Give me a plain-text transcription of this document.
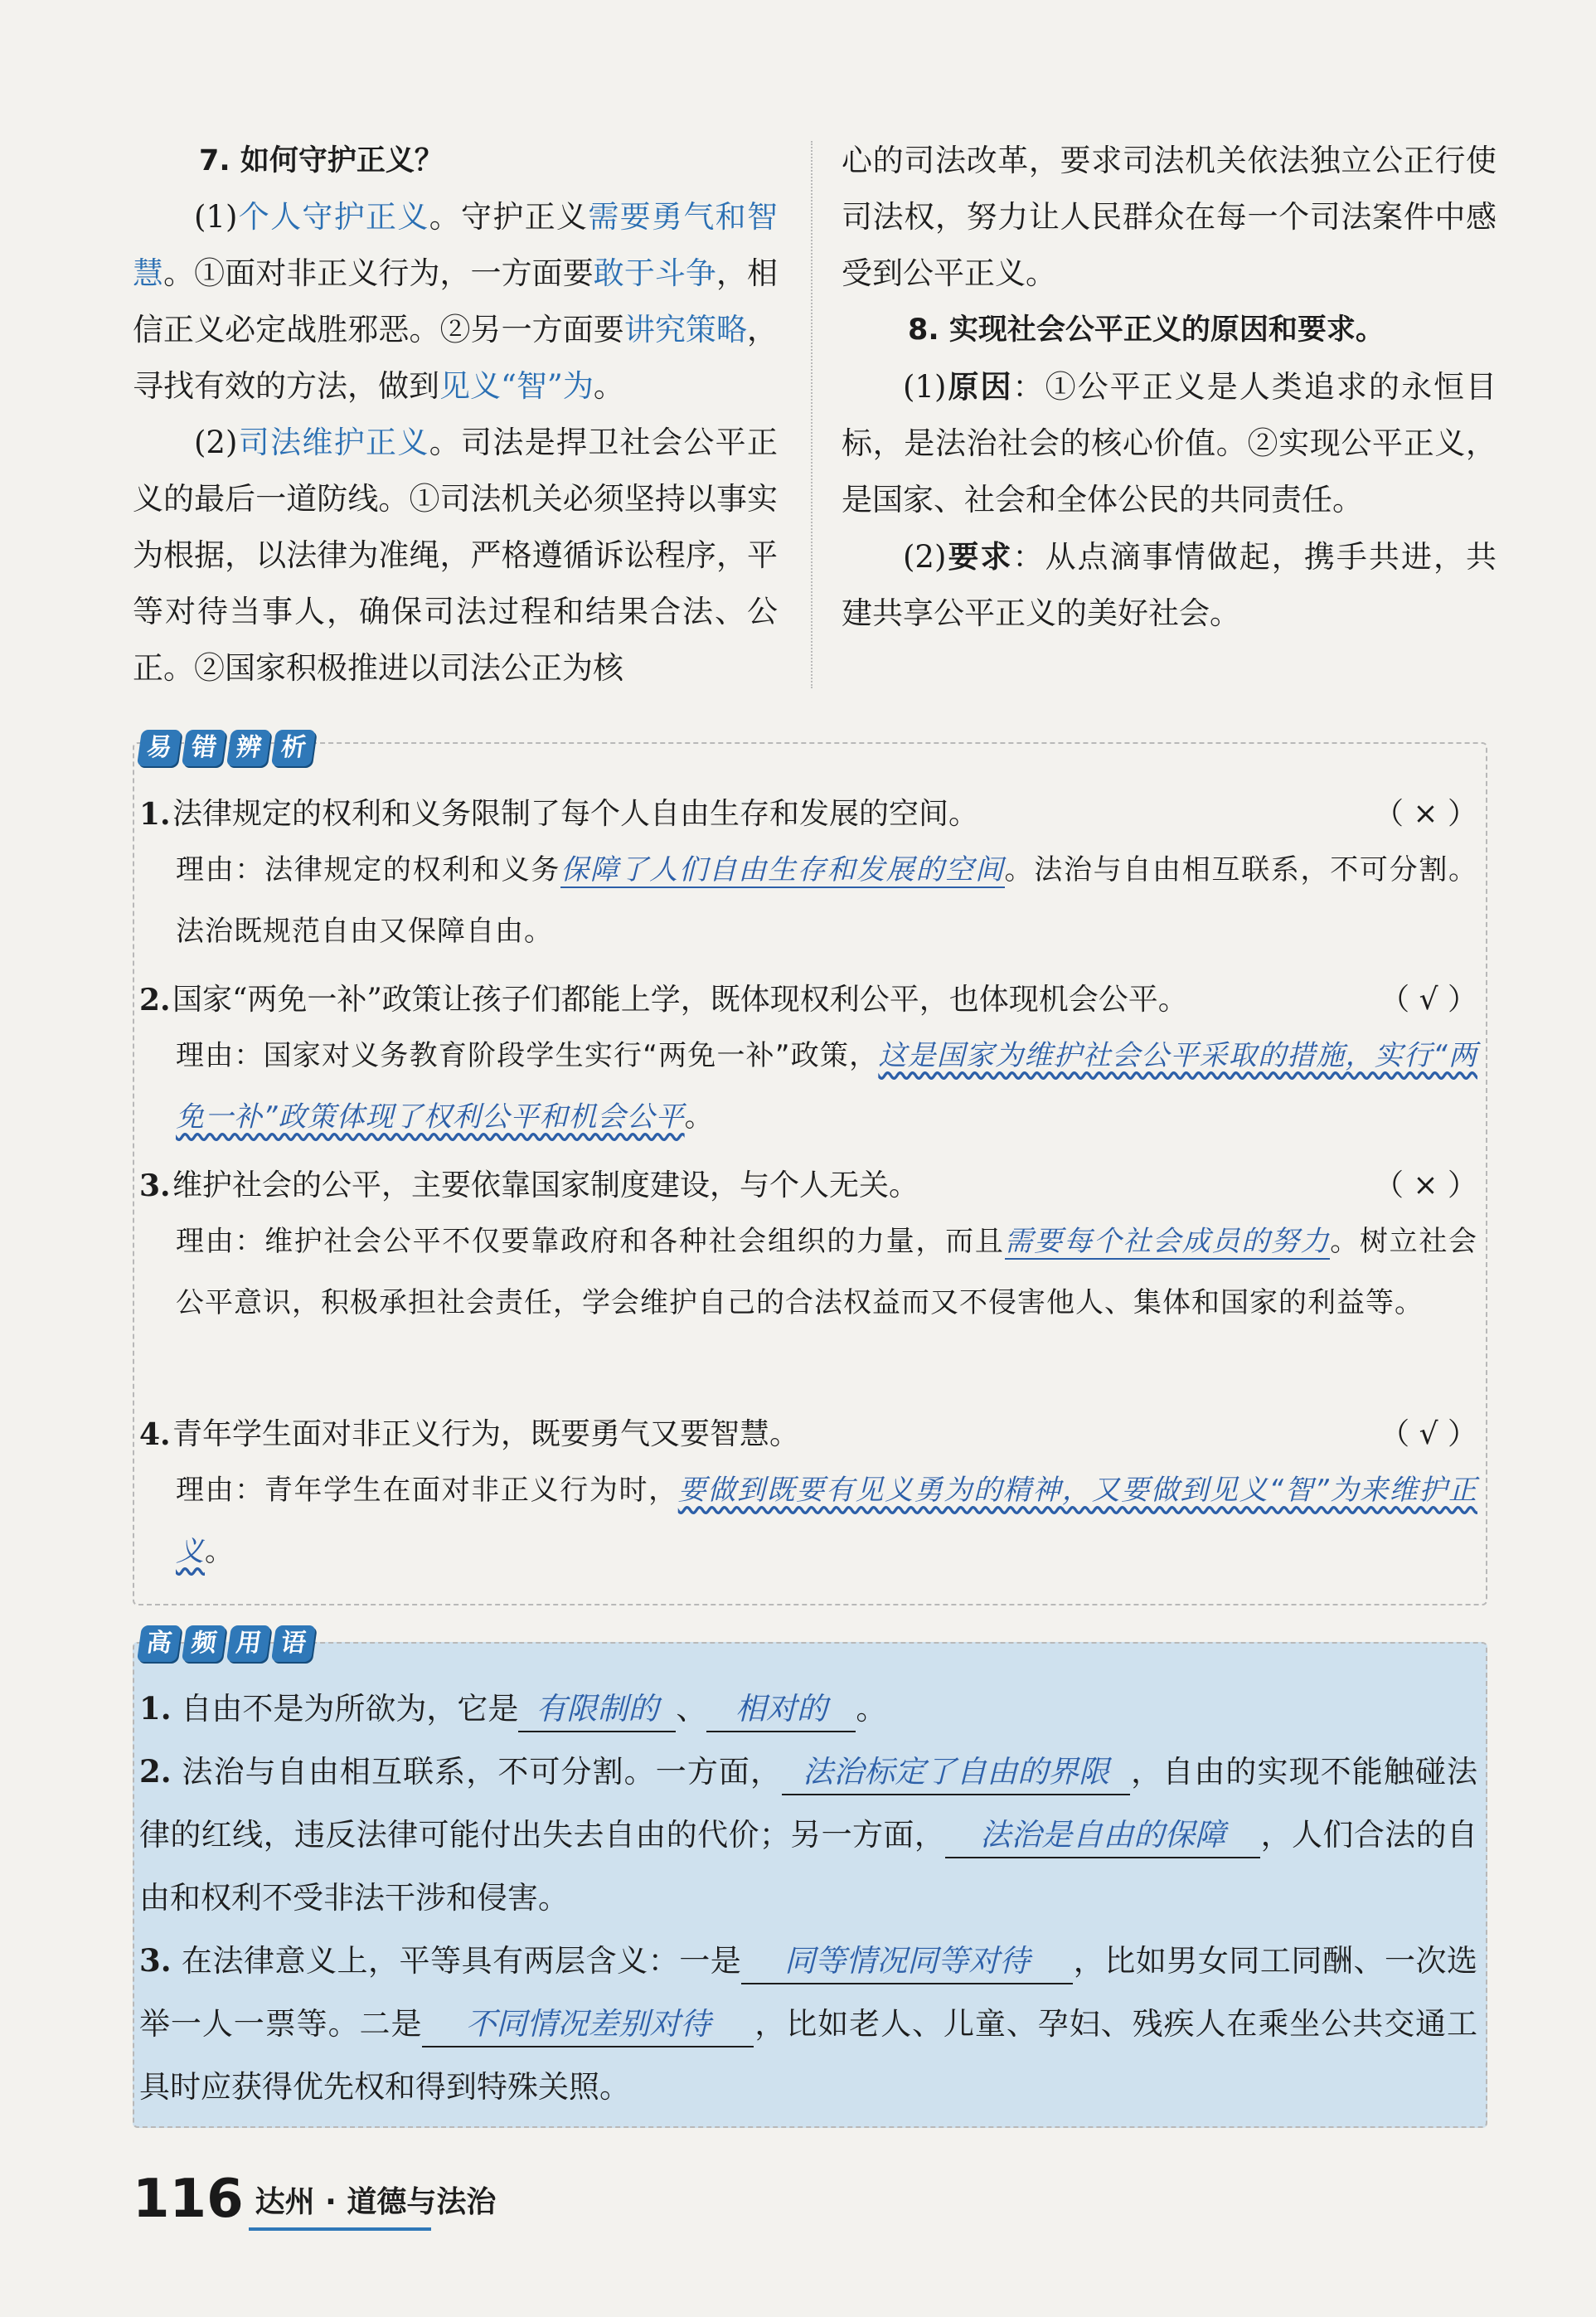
7. 如何守护正义？

(1)个人守护正义。守护正义需要勇气和智慧。①面对非正义行为，一方面要敢于斗争，相信正义必定战胜邪恶。②另一方面要讲究策略，寻找有效的方法，做到见义“智”为。

(2)司法维护正义。司法是捍卫社会公平正义的最后一道防线。①司法机关必须坚持以事实为根据，以法律为准绳，严格遵循诉讼程序，平等对待当事人，确保司法过程和结果合法、公正。②国家积极推进以司法公正为核

心的司法改革，要求司法机关依法独立公正行使司法权，努力让人民群众在每一个司法案件中感受到公平正义。

8. 实现社会公平正义的原因和要求。

(1)原因：①公平正义是人类追求的永恒目标，是法治社会的核心价值。②实现公平正义，是国家、社会和全体公民的共同责任。

(2)要求：从点滴事情做起，携手共进，共建共享公平正义的美好社会。

易 错 辨 析
1. 法律规定的权利和义务限制了每个人自由生存和发展的空间。	（ × ）
理由：法律规定的权利和义务保障了人们自由生存和发展的空间。法治与自由相互联系，不可分割。法治既规范自由又保障自由。
2. 国家“两免一补”政策让孩子们都能上学，既体现权利公平，也体现机会公平。	（ √ ）
理由：国家对义务教育阶段学生实行“两免一补”政策，这是国家为维护社会公平采取的措施，实行“两免一补”政策体现了权利公平和机会公平。
3. 维护社会的公平，主要依靠国家制度建设，与个人无关。	（ × ）
理由：维护社会公平不仅要靠政府和各种社会组织的力量，而且需要每个社会成员的努力。树立社会公平意识，积极承担社会责任，学会维护自己的合法权益而又不侵害他人、集体和国家的利益等。
4. 青年学生面对非正义行为，既要勇气又要智慧。	（ √ ）
理由：青年学生在面对非正义行为时，要做到既要有见义勇为的精神，又要做到见义“智”为来维护正义。
高 频 用 语
1. 自由不是为所欲为，它是 有限制的 、 相对的 。
2. 法治与自由相互联系，不可分割。一方面， 法治标定了自由的界限 ，自由的实现不能触碰法律的红线，违反法律可能付出失去自由的代价；另一方面， 法治是自由的保障 ，人们合法的自由和权利不受非法干涉和侵害。
3. 在法律意义上，平等具有两层含义：一是 同等情况同等对待 ，比如男女同工同酬、一次选举一人一票等。二是 不同情况差别对待 ，比如老人、儿童、孕妇、残疾人在乘坐公共交通工具时应获得优先权和得到特殊关照。
116 达州 · 道德与法治
